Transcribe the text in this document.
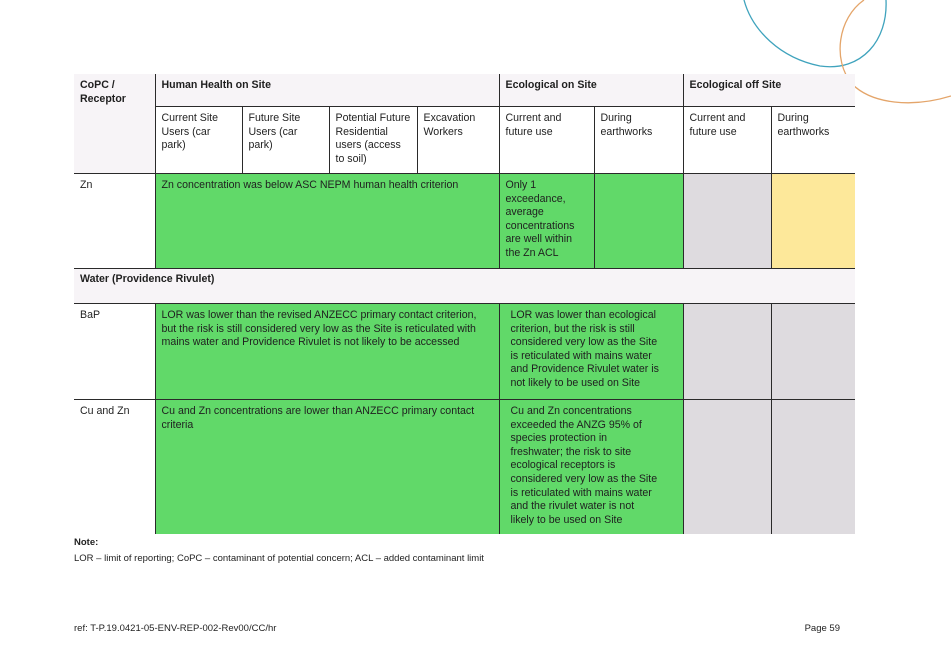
CoPC / Receptor	Human Health on Site				Ecological on Site		Ecological off Site	

	Current Site Users (car park)	Future Site Users (car park)	Potential Future Residential users (access to soil)	Excavation Workers	Current and future use	During earthworks	Current and future use	During earthworks

Zn	Zn concentration was below ASC NEPM human health criterion				Only 1 exceedance, average concentrations are well within the Zn ACL			

Water (Providence Rivulet)								

BaP	LOR was lower than the revised ANZECC primary contact criterion, but the risk is still considered very low as the Site is reticulated with mains water and Providence Rivulet is not likely to be accessed				LOR was lower than ecological criterion, but the risk is still considered very low as the Site is reticulated with mains water and Providence Rivulet water is not likely to be used on Site			

Cu and Zn	Cu and Zn concentrations are lower than ANZECC primary contact criteria				Cu and Zn concentrations exceeded the ANZG 95% of species protection in freshwater; the risk to site ecological receptors is considered very low as the Site is reticulated with mains water and the rivulet water is not likely to be used on Site			

Note:
LOR – limit of reporting; CoPC – contaminant of potential concern; ACL – added contaminant limit
ref: T-P.19.0421-05-ENV-REP-002-Rev00/CC/hr	Page 59
